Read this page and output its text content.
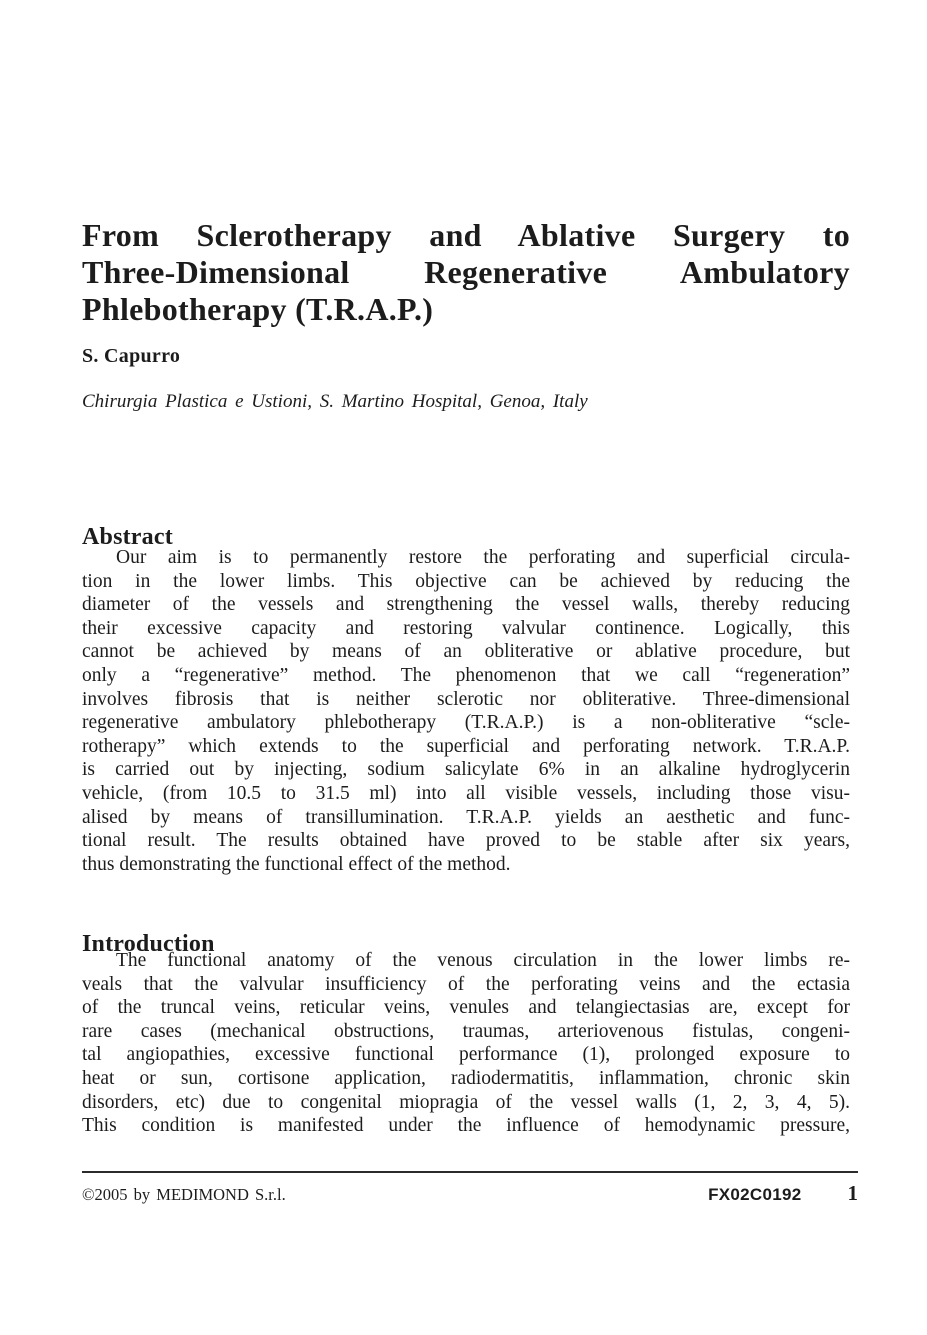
From Sclerotherapy and Ablative Surgery to
Three-Dimensional Regenerative Ambulatory
Phlebotherapy (T.R.A.P.)
S. Capurro
Chirurgia Plastica e Ustioni, S. Martino Hospital, Genoa, Italy
Abstract
Our aim is to permanently restore the perforating and superficial circula-
tion in the lower limbs. This objective can be achieved by reducing the
diameter of the vessels and strengthening the vessel walls, thereby reducing
their excessive capacity and restoring valvular continence. Logically, this
cannot be achieved by means of an obliterative or ablative procedure, but
only a “regenerative” method. The phenomenon that we call “regeneration”
involves fibrosis that is neither sclerotic nor obliterative. Three-dimensional
regenerative ambulatory phlebotherapy (T.R.A.P.) is a non-obliterative “scle-
rotherapy” which extends to the superficial and perforating network. T.R.A.P.
is carried out by injecting, sodium salicylate 6% in an alkaline hydroglycerin
vehicle, (from 10.5 to 31.5 ml) into all visible vessels, including those visu-
alised by means of transillumination. T.R.A.P. yields an aesthetic and func-
tional result. The results obtained have proved to be stable after six years,
thus demonstrating the functional effect of the method.
Introduction
The functional anatomy of the venous circulation in the lower limbs re-
veals that the valvular insufficiency of the perforating veins and the ectasia
of the truncal veins, reticular veins, venules and telangiectasias are, except for
rare cases (mechanical obstructions, traumas, arteriovenous fistulas, congeni-
tal angiopathies, excessive functional performance (1), prolonged exposure to
heat or sun, cortisone application, radiodermatitis, inflammation, chronic skin
disorders, etc) due to congenital miopragia of the vessel walls (1, 2, 3, 4, 5).
This condition is manifested under the influence of hemodynamic pressure,
©2005 by MEDIMOND S.r.l.	FX02C0192 1
